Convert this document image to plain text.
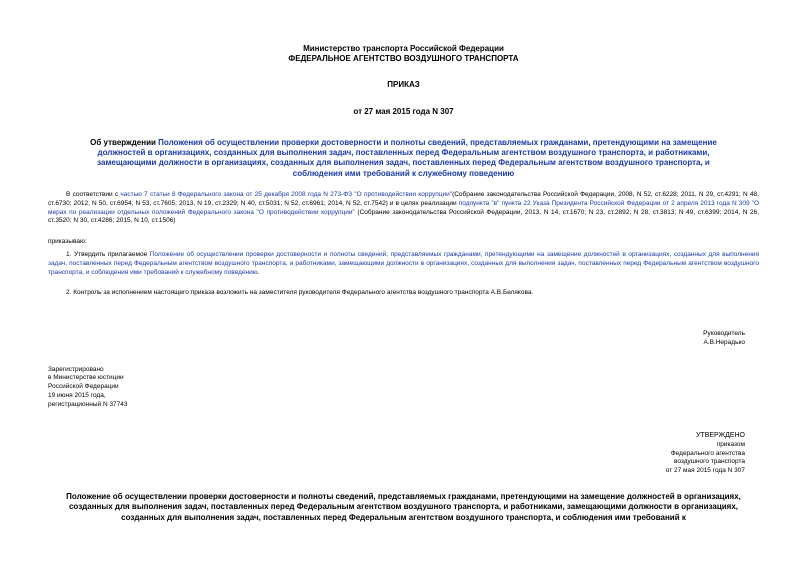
Министерство транспорта Российской Федерации
ФЕДЕРАЛЬНОЕ АГЕНТСТВО ВОЗДУШНОГО ТРАНСПОРТА
ПРИКАЗ
от 27 мая 2015 года N 307
Об утверждении Положения об осуществлении проверки достоверности и полноты сведений, представляемых гражданами, претендующими на замещение должностей в организациях, созданных для выполнения задач, поставленных перед Федеральным агентством воздушного транспорта, и работниками, замещающими должности в организациях, созданных для выполнения задач, поставленных перед Федеральным агентством воздушного транспорта, и соблюдения ими требований к служебному поведению
В соответствии с частью 7 статьи 8 Федерального закона от 25 декабря 2008 года N 273-ФЗ "О противодействии коррупции"(Собрание законодательства Российской Федерации, 2008, N 52, ст.6228; 2011, N 29, ст.4291; N 48, ст.6730; 2012, N 50, ст.6954; N 53, ст.7605; 2013, N 19, ст.2329; N 40, ст.5031; N 52, ст.6961; 2014, N 52, ст.7542) и в целях реализации подпункта "в" пункта 22 Указа Президента Российской Федерации от 2 апреля 2013 года N 309 "О мерах по реализации отдельных положений Федерального закона "О противодействии коррупции" (Собрание законодательства Российской Федерации, 2013, N 14, ст.1670; N 23, ст.2892; N 28, ст.3813; N 49, ст.6399; 2014, N 26, ст.3520; N 30, ст.4286; 2015, N 10, ст.1506)
приказываю:
1. Утвердить прилагаемое Положение об осуществлении проверки достоверности и полноты сведений, представляемых гражданами, претендующими на замещение должностей в организациях, созданных для выполнения задач, поставленных перед Федеральным агентством воздушного транспорта, и работниками, замещающими должности в организациях, созданных для выполнения задач, поставленных перед Федеральным агентством воздушного транспорта, и соблюдения ими требований к служебному поведению.
2. Контроль за исполнением настоящего приказа возложить на заместителя руководителя Федерального агентства воздушного транспорта А.В.Белякова.
Руководитель
А.В.Нерадько
Зарегистрировано
в Министерстве юстиции
Российской Федерации
19 июня 2015 года,
регистрационный N 37743
УТВЕРЖДЕНО
приказом
Федерального агентства
воздушного транспорта
от 27 мая 2015 года N 307
Положение об осуществлении проверки достоверности и полноты сведений, представляемых гражданами, претендующими на замещение должностей в организациях, созданных для выполнения задач, поставленных перед Федеральным агентством воздушного транспорта, и работниками, замещающими должности в организациях, созданных для выполнения задач, поставленных перед Федеральным агентством воздушного транспорта, и соблюдения ими требований к
